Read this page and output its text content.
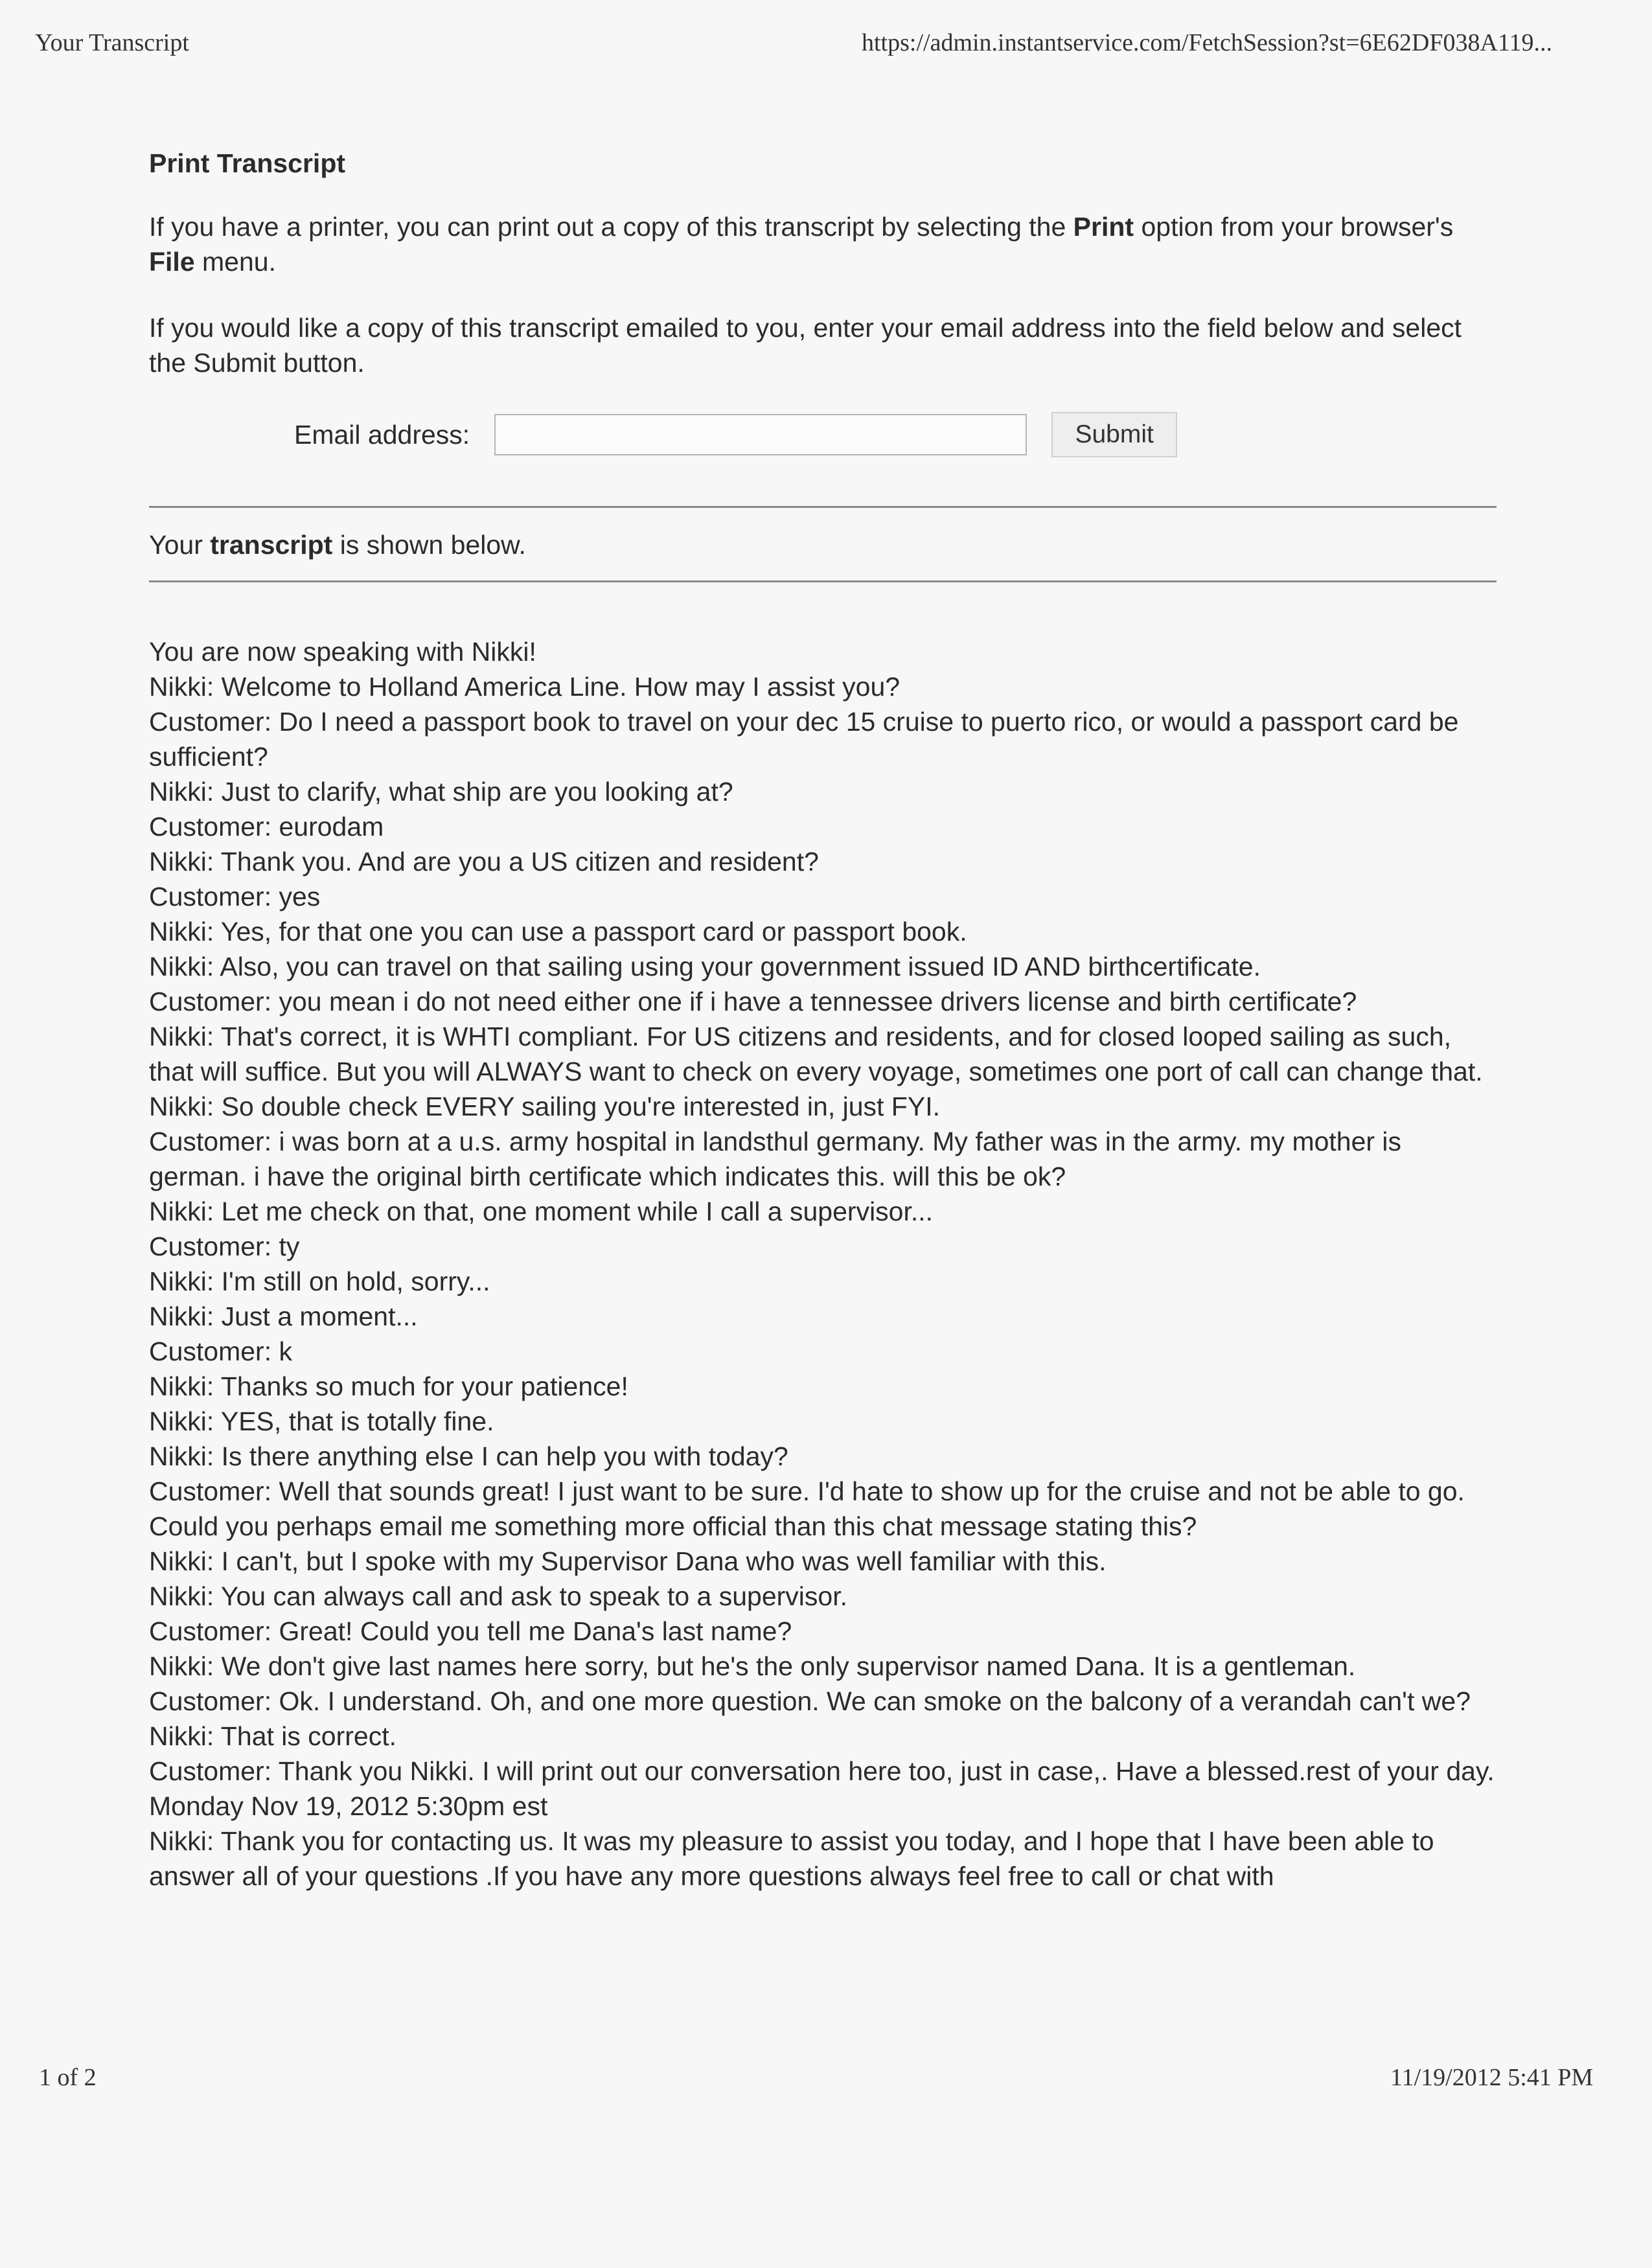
Your Transcript	https://admin.instantservice.com/FetchSession?st=6E62DF038A119...
Print Transcript
If you have a printer, you can print out a copy of this transcript by selecting the Print option from your browser's File menu.
If you would like a copy of this transcript emailed to you, enter your email address into the field below and select the Submit button.
Email address:	Submit
Your transcript is shown below.
You are now speaking with Nikki!
Nikki: Welcome to Holland America Line. How may I assist you?
Customer: Do I need a passport book to travel on your dec 15 cruise to puerto rico, or would a passport card be sufficient?
Nikki: Just to clarify, what ship are you looking at?
Customer: eurodam
Nikki: Thank you. And are you a US citizen and resident?
Customer: yes
Nikki: Yes, for that one you can use a passport card or passport book.
Nikki: Also, you can travel on that sailing using your government issued ID AND birthcertificate.
Customer: you mean i do not need either one if i have a tennessee drivers license and birth certificate?
Nikki: That's correct, it is WHTI compliant. For US citizens and residents, and for closed looped sailing as such, that will suffice. But you will ALWAYS want to check on every voyage, sometimes one port of call can change that.
Nikki: So double check EVERY sailing you're interested in, just FYI.
Customer: i was born at a u.s. army hospital in landsthul germany. My father was in the army. my mother is german. i have the original birth certificate which indicates this. will this be ok?
Nikki: Let me check on that, one moment while I call a supervisor...
Customer: ty
Nikki: I'm still on hold, sorry...
Nikki: Just a moment...
Customer: k
Nikki: Thanks so much for your patience!
Nikki: YES, that is totally fine.
Nikki: Is there anything else I can help you with today?
Customer: Well that sounds great! I just want to be sure. I'd hate to show up for the cruise and not be able to go. Could you perhaps email me something more official than this chat message stating this?
Nikki: I can't, but I spoke with my Supervisor Dana who was well familiar with this.
Nikki: You can always call and ask to speak to a supervisor.
Customer: Great! Could you tell me Dana's last name?
Nikki: We don't give last names here sorry, but he's the only supervisor named Dana. It is a gentleman.
Customer: Ok. I understand. Oh, and one more question. We can smoke on the balcony of a verandah can't we?
Nikki: That is correct.
Customer: Thank you Nikki. I will print out our conversation here too, just in case,. Have a blessed.rest of your day. Monday Nov 19, 2012 5:30pm est
Nikki: Thank you for contacting us. It was my pleasure to assist you today, and I hope that I have been able to answer all of your questions .If you have any more questions always feel free to call or chat with
1 of 2	11/19/2012 5:41 PM
